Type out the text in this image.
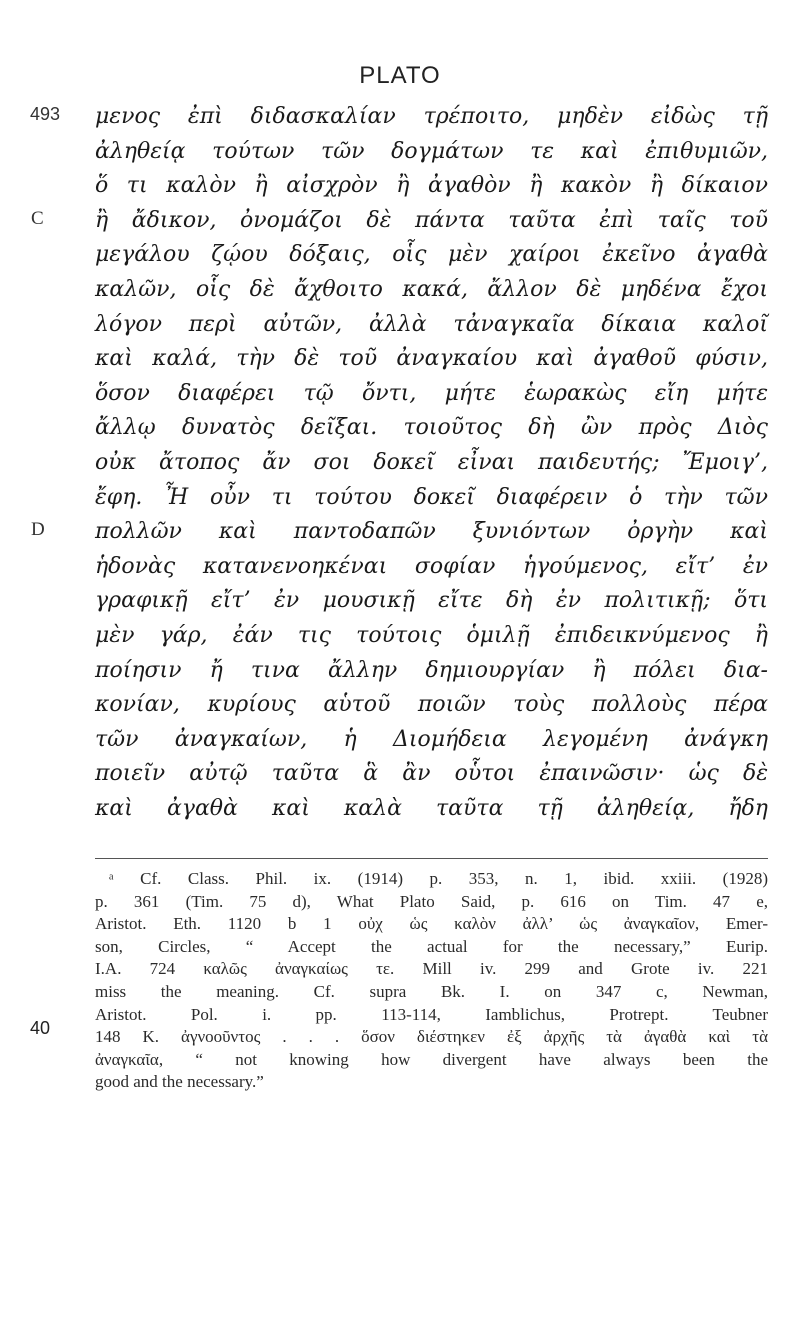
PLATO
493 μενος ἐπὶ διδασκαλίαν τρέποιτο, μηδὲν εἰδὼς τῇ
ἀληθείᾳ τούτων τῶν δογμάτων τε καὶ ἐπιθυμιῶν,
ὅ τι καλὸν ἢ αἰσχρὸν ἢ ἀγαθὸν ἢ κακὸν ἢ δίκαιον
C ἢ ἄδικον, ὀνομάζοι δὲ πάντα ταῦτα ἐπὶ ταῖς τοῦ
μεγάλου ζῴου δόξαις, οἷς μὲν χαίροι ἐκεῖνο ἀγαθὰ
καλῶν, οἷς δὲ ἄχθοιτο κακά, ἄλλον δὲ μηδένα ἔχοι
λόγον περὶ αὐτῶν, ἀλλὰ τἀναγκαῖα δίκαια καλοῖ
καὶ καλά, τὴν δὲ τοῦ ἀναγκαίου καὶ ἀγαθοῦ φύσιν,
ὅσον διαφέρει τῷ ὄντι, μήτε ἑωρακὼς εἴη μήτε
ἄλλῳ δυνατὸς δεῖξαι. τοιοῦτος δὴ ὢν πρὸς Διὸς
οὐκ ἄτοπος ἄν σοι δοκεῖ εἶναι παιδευτής; Ἔμοιγ’,
ἔφη. Ἦ οὖν τι τούτου δοκεῖ διαφέρειν ὁ τὴν τῶν
D πολλῶν καὶ παντοδαπῶν ξυνιόντων ὀργὴν καὶ
ἡδονὰς κατανενοηκέναι σοφίαν ἡγούμενος, εἴτ’ ἐν
γραφικῇ εἴτ’ ἐν μουσικῇ εἴτε δὴ ἐν πολιτικῇ; ὅτι
μὲν γάρ, ἐάν τις τούτοις ὁμιλῇ ἐπιδεικνύμενος ἢ
ποίησιν ἤ τινα ἄλλην δημιουργίαν ἢ πόλει δια-
κονίαν, κυρίους αὑτοῦ ποιῶν τοὺς πολλοὺς πέρα
τῶν ἀναγκαίων, ἡ Διομήδεια λεγομένη ἀνάγκη
ποιεῖν αὐτῷ ταῦτα ἃ ἂν οὗτοι ἐπαινῶσιν· ὡς δὲ
καὶ ἀγαθὰ καὶ καλὰ ταῦτα τῇ ἀληθείᾳ, ἤδη
ᵃ Cf. Class. Phil. ix. (1914) p. 353, n. 1, ibid. xxiii. (1928)
p. 361 (Tim. 75 d), What Plato Said, p. 616 on Tim. 47 e,
Aristot. Eth. 1120 b 1 οὐχ ὡς καλὸν ἀλλ’ ὡς ἀναγκαῖον, Emer-
son, Circles, “ Accept the actual for the necessary,” Eurip.
I.A. 724 καλῶς ἀναγκαίως τε. Mill iv. 299 and Grote iv. 221
miss the meaning. Cf. supra Bk. I. on 347 c, Newman,
Aristot. Pol. i. pp. 113-114, Iamblichus, Protrept. Teubner
148 K. ἀγνοοῦντος . . . ὅσον διέστηκεν ἐξ ἀρχῆς τὰ ἀγαθὰ καὶ τὰ
ἀναγκαῖα, “ not knowing how divergent have always been the
good and the necessary.”
40
